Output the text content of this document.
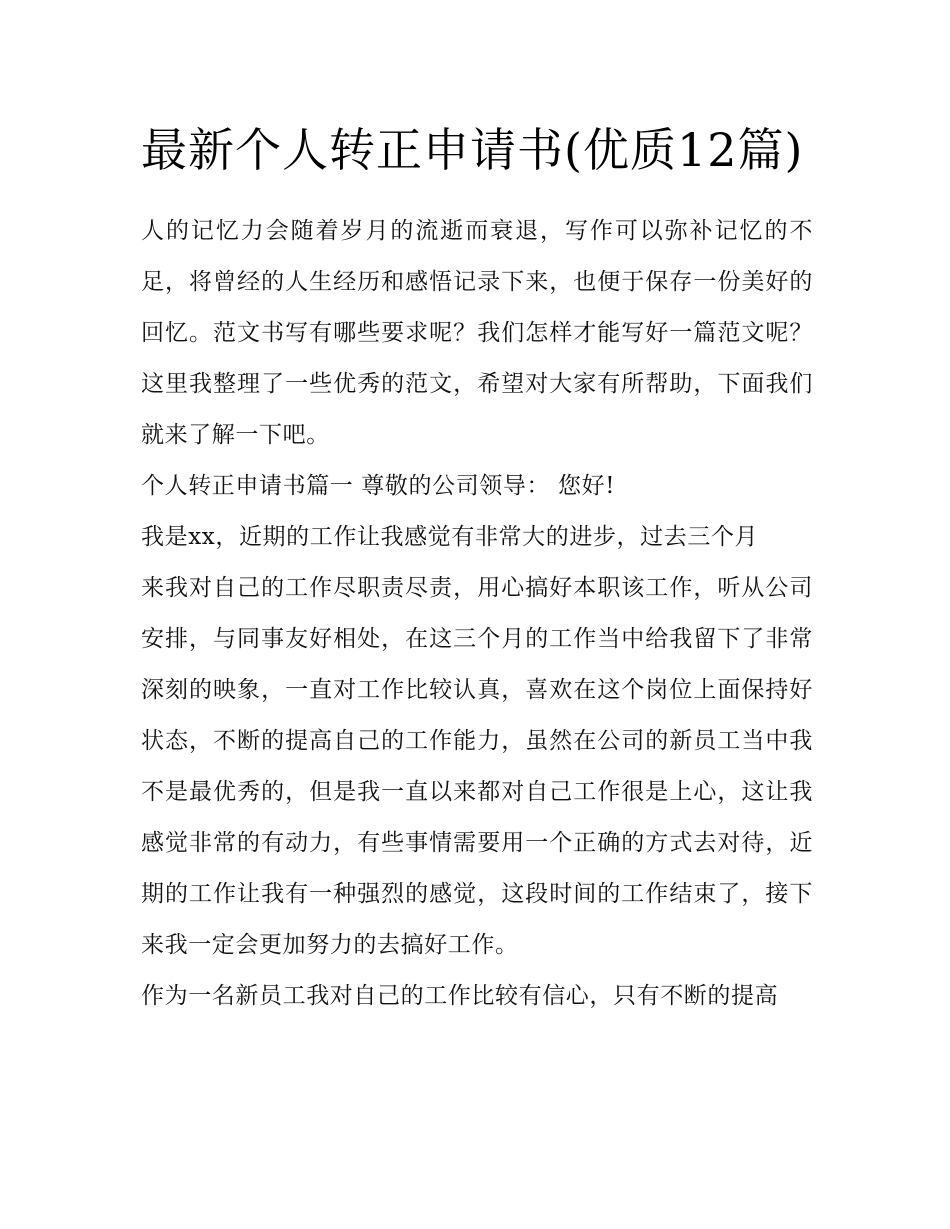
最新个人转正申请书(优质12篇)

人的记忆力会随着岁月的流逝而衰退，写作可以弥补记忆的不足，将曾经的人生经历和感悟记录下来，也便于保存一份美好的回忆。范文书写有哪些要求呢？我们怎样才能写好一篇范文呢？这里我整理了一些优秀的范文，希望对大家有所帮助，下面我们就来了解一下吧。

个人转正申请书篇一 尊敬的公司领导： 您好!

我是xx，近期的工作让我感觉有非常大的进步，过去三个月

来我对自己的工作尽职责尽责，用心搞好本职该工作，听从公司安排，与同事友好相处，在这三个月的工作当中给我留下了非常深刻的映象，一直对工作比较认真，喜欢在这个岗位上面保持好状态，不断的提高自己的工作能力，虽然在公司的新员工当中我不是最优秀的，但是我一直以来都对自己工作很是上心，这让我感觉非常的有动力，有些事情需要用一个正确的方式去对待，近期的工作让我有一种强烈的感觉，这段时间的工作结束了，接下来我一定会更加努力的去搞好工作。

作为一名新员工我对自己的工作比较有信心，只有不断的提高
